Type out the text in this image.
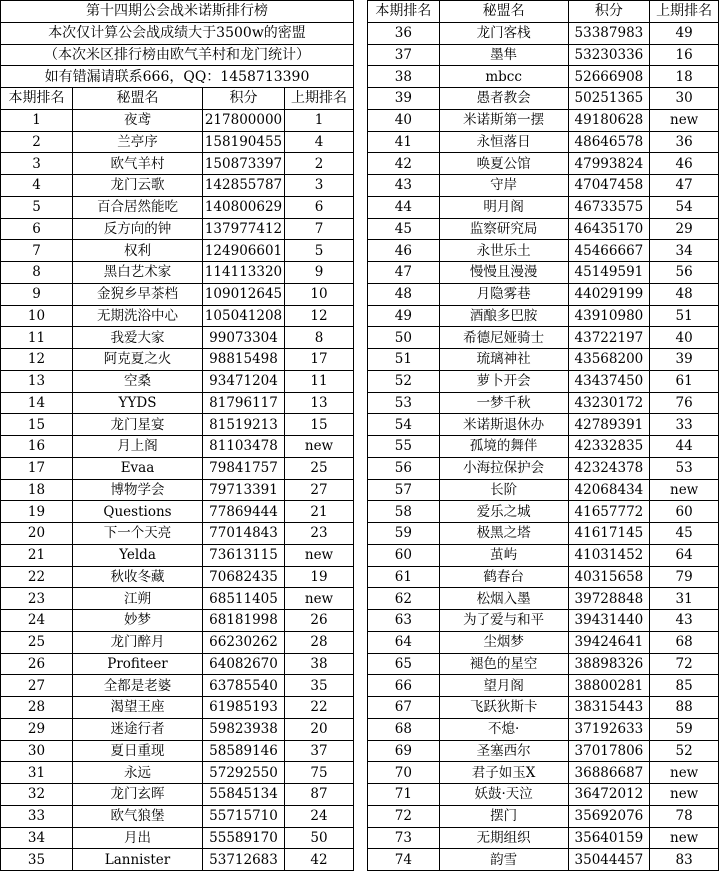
第十四期公会战米诺斯排行榜			
本次仅计算公会战成绩大于3500w的密盟			
（本次米区排行榜由欧气羊村和龙门统计）			
如有错漏请联系666，QQ：1458713390			
本期排名	秘盟名	积分	上期排名
1	夜鸢	217800000	1
2	兰亭序	158190455	4
3	欧气羊村	150873397	2
4	龙门云歌	142855787	3
5	百合居然能吃	140800629	6
6	反方向的钟	137977412	7
7	权利	124906601	5
8	黑白艺术家	114113320	9
9	金猊乡早茶档	109012645	10
10	无期洗浴中心	105041208	12
11	我爱大家	99073304	8
12	阿克夏之火	98815498	17
13	空桑	93471204	11
14	YYDS	81796117	13
15	龙门星宴	81519213	15
16	月上阁	81103478	new
17	Evaa	79841757	25
18	博物学会	79713391	27
19	Questions	77869444	21
20	下一个天亮	77014843	23
21	Yelda	73613115	new
22	秋收冬藏	70682435	19
23	江朔	68511405	new
24	妙梦	68181998	26
25	龙门醉月	66230262	28
26	Profiteer	64082670	38
27	全都是老婆	63785540	35
28	渴望王座	61985193	22
29	迷途行者	59823938	20
30	夏日重现	58589146	37
31	永远	57292550	75
32	龙门玄晖	55845134	87
33	欧气狼堡	55715710	24
34	月出	55589170	50
35	Lannister	53712683	42
本期排名	秘盟名	积分	上期排名
36	龙门客栈	53387983	49
37	墨隼	53230336	16
38	mbcc	52666908	18
39	愚者教会	50251365	30
40	米诺斯第一摆	49180628	new
41	永恒落日	48646578	36
42	唤夏公馆	47993824	46
43	守岸	47047458	47
44	明月阁	46733575	54
45	监察研究局	46435170	29
46	永世乐土	45466667	34
47	慢慢且漫漫	45149591	56
48	月隐雾巷	44029199	48
49	酒酿多巴胺	43910980	51
50	希德尼娅骑士	43722197	40
51	琉璃神社	43568200	39
52	萝卜开会	43437450	61
53	一梦千秋	43230172	76
54	米诺斯退休办	42789391	33
55	孤境的舞伴	42332835	44
56	小海拉保护会	42324378	53
57	长阶	42068434	new
58	爱乐之城	41657772	60
59	极黑之塔	41617145	45
60	茧屿	41031452	64
61	鹤春台	40315658	79
62	松烟入墨	39728848	31
63	为了爱与和平	39431440	43
64	尘烟梦	39424641	68
65	褪色的星空	38898326	72
66	望月阁	38800281	85
67	飞跃狄斯卡	38315443	88
68	不熄·	37192633	59
69	圣塞西尔	37017806	52
70	君子如玉X	36886687	new
71	妖鼓·天泣	36472012	new
72	摆门	35692076	78
73	无期组织	35640159	new
74	韵雪	35044457	83
